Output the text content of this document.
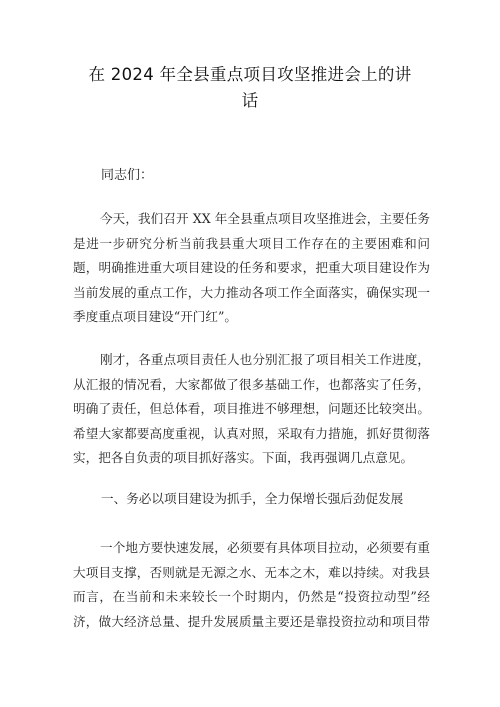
在 2024 年全县重点项目攻坚推进会上的讲
话
同志们：

今天，我们召开 XX 年全县重点项目攻坚推进会，主要任务
是进一步研究分析当前我县重大项目工作存在的主要困难和问
题，明确推进重大项目建设的任务和要求，把重大项目建设作为
当前发展的重点工作，大力推动各项工作全面落实，确保实现一
季度重点项目建设“开门红”。

刚才，各重点项目责任人也分别汇报了项目相关工作进度，
从汇报的情况看，大家都做了很多基础工作，也都落实了任务，
明确了责任，但总体看，项目推进不够理想，问题还比较突出。
希望大家都要高度重视，认真对照，采取有力措施，抓好贯彻落
实，把各自负责的项目抓好落实。下面，我再强调几点意见。

一、务必以项目建设为抓手，全力保增长强后劲促发展

一个地方要快速发展，必须要有具体项目拉动，必须要有重
大项目支撑，否则就是无源之水、无本之木，难以持续。对我县
而言，在当前和未来较长一个时期内，仍然是“投资拉动型”经
济，做大经济总量、提升发展质量主要还是靠投资拉动和项目带
